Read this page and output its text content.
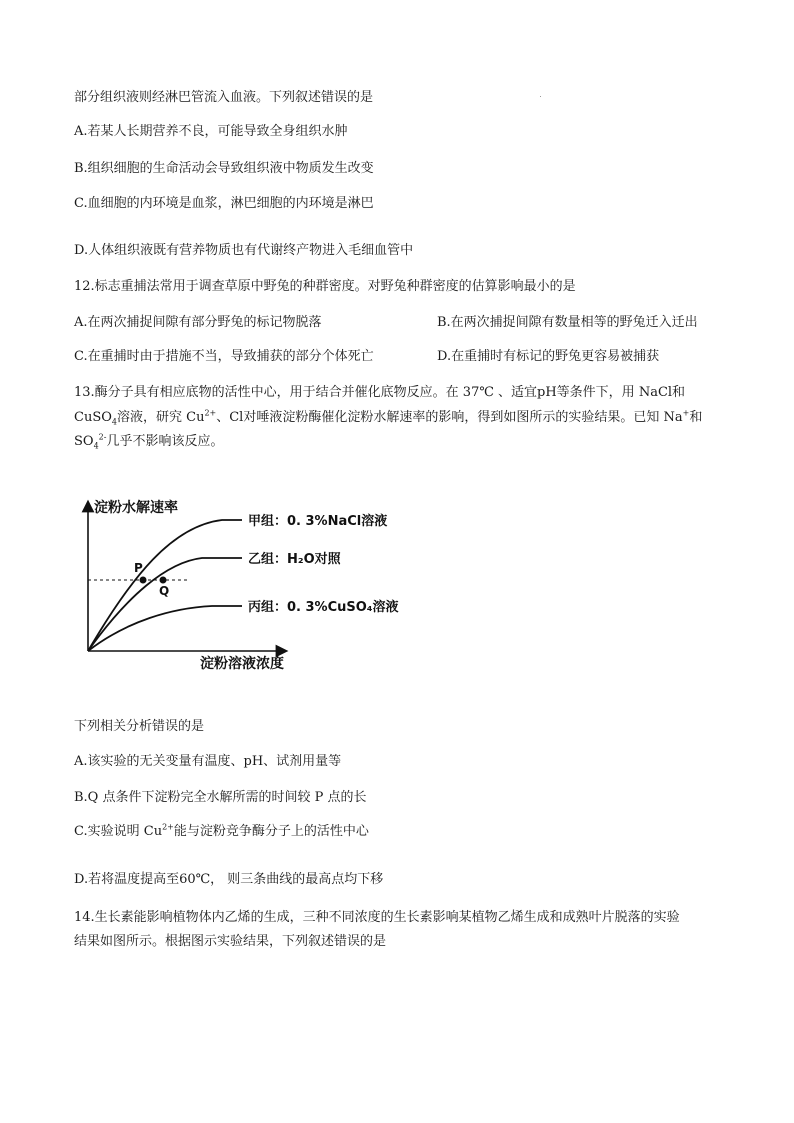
部分组织液则经淋巴管流入血液。下列叙述错误的是
A.若某人长期营养不良，可能导致全身组织水肿
B.组织细胞的生命活动会导致组织液中物质发生改变
C.血细胞的内环境是血浆，淋巴细胞的内环境是淋巴
D.人体组织液既有营养物质也有代谢终产物进入毛细血管中
12.标志重捕法常用于调查草原中野兔的种群密度。对野兔种群密度的估算影响最小的是
A.在两次捕捉间隙有部分野兔的标记物脱落	B.在两次捕捉间隙有数量相等的野兔迁入迁出
C.在重捕时由于措施不当，导致捕获的部分个体死亡	D.在重捕时有标记的野兔更容易被捕获
13.酶分子具有相应底物的活性中心，用于结合并催化底物反应。在 37℃ 、适宜pH等条件下，用 NaCl和
CuSO$_4$溶液，研究 $Cu^{2+}$、Cl对唾液淀粉酶催化淀粉水解速率的影响，得到如图所示的实验结果。已知 Na+和
$SO_4^{2-}$几乎不影响该反应。
淀粉水解速率
淀粉溶液浓度
P
Q
甲组：0. 3%NaCl溶液
乙组：H₂O对照
丙组：0. 3%CuSO₄溶液
下列相关分析错误的是
A.该实验的无关变量有温度、pH、试剂用量等
B.Q 点条件下淀粉完全水解所需的时间较 P 点的长
C.实验说明 $Cu^{2+}$能与淀粉竞争酶分子上的活性中心
D.若将温度提高至60℃， 则三条曲线的最高点均下移
14.生长素能影响植物体内乙烯的生成，三种不同浓度的生长素影响某植物乙烯生成和成熟叶片脱落的实验
结果如图所示。根据图示实验结果，下列叙述错误的是
